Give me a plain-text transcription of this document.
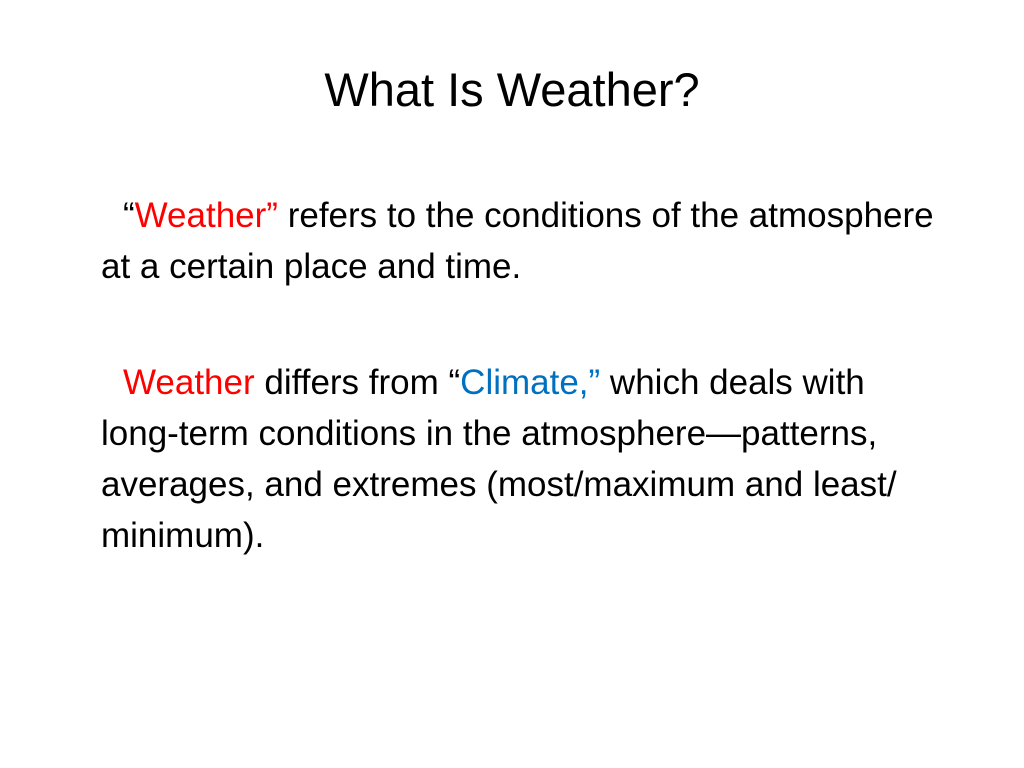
What Is Weather?

“Weather” refers to the conditions of the atmosphere at a certain place and time.

Weather differs from “Climate,” which deals with long-term conditions in the atmosphere—patterns, averages, and extremes (most/maximum and least/ minimum).
